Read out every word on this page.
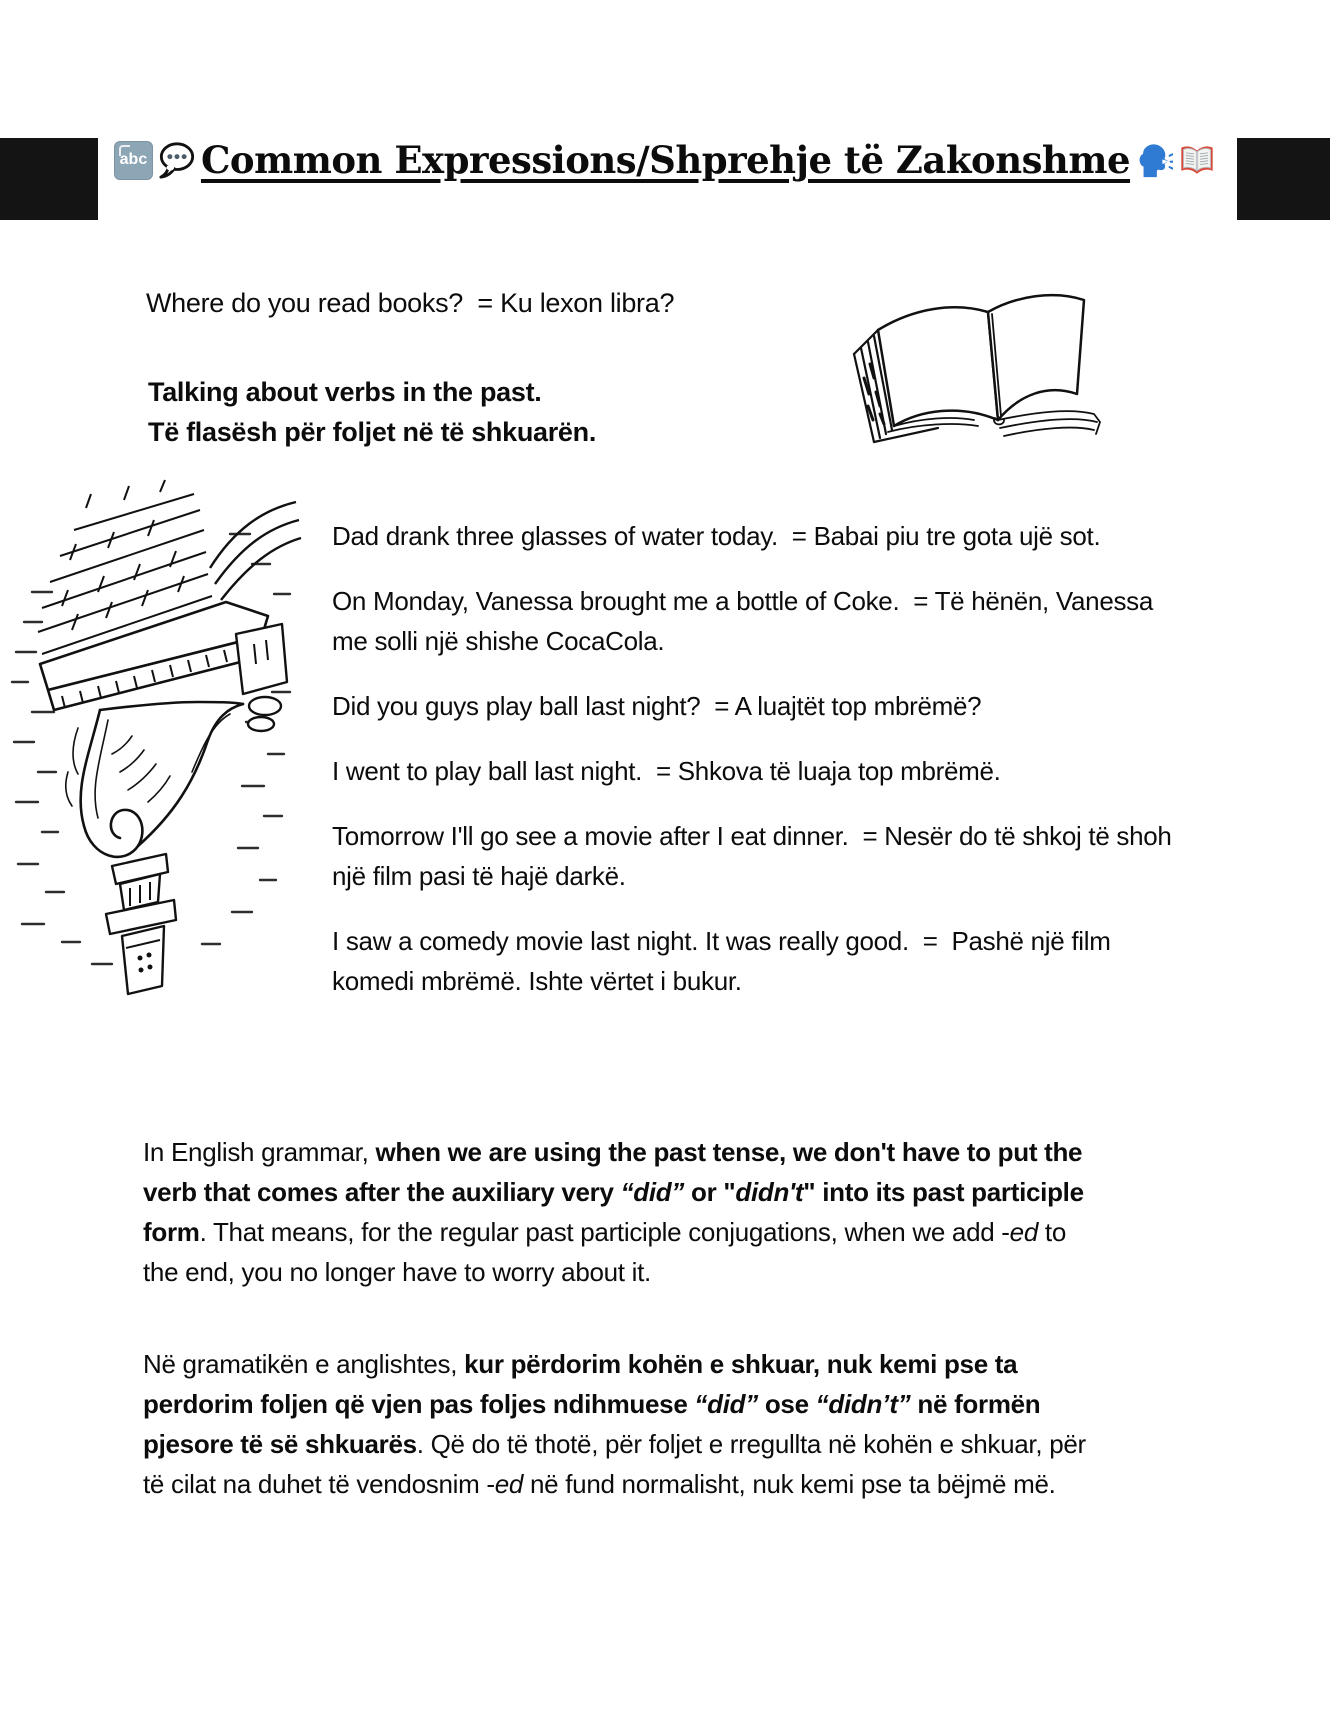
abc Common Expressions/Shprehje të Zakonshme
Where do you read books?  = Ku lexon libra?
Talking about verbs in the past.
Të flasësh për foljet në të shkuarën.
Dad drank three glasses of water today.  = Babai piu tre gota ujë sot.
On Monday, Vanessa brought me a bottle of Coke.  = Të hënën, Vanessa me solli një shishe CocaCola.
Did you guys play ball last night?  = A luajtët top mbrëmë?
I went to play ball last night.  = Shkova të luaja top mbrëmë.
Tomorrow I'll go see a movie after I eat dinner.  = Nesër do të shkoj të shoh një film pasi të hajë darkë.
I saw a comedy movie last night. It was really good.  =  Pashë një film komedi mbrëmë. Ishte vërtet i bukur.
In English grammar, when we are using the past tense, we don't have to put the verb that comes after the auxiliary very “did” or "didn't" into its past participle form. That means, for the regular past participle conjugations, when we add -ed to the end, you no longer have to worry about it.
Në gramatikën e anglishtes, kur përdorim kohën e shkuar, nuk kemi pse ta perdorim foljen që vjen pas foljes ndihmuese “did” ose “didn’t” në formën pjesore të së shkuarës. Që do të thotë, për foljet e rregullta në kohën e shkuar, për të cilat na duhet të vendosnim -ed në fund normalisht, nuk kemi pse ta bëjmë më.
